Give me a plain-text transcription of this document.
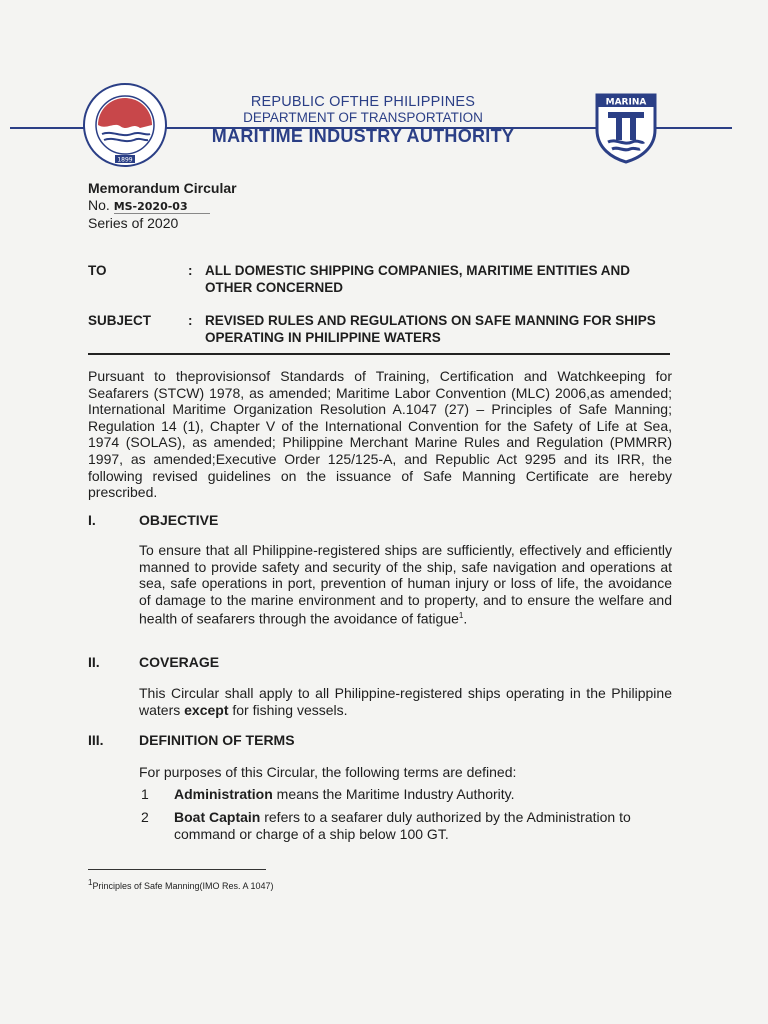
1899
REPUBLIC OFTHE PHILIPPINES
DEPARTMENT OF TRANSPORTATION
MARITIME INDUSTRY AUTHORITY
MARINA
Memorandum Circular
No. MS-2020-03
Series of 2020
TO	: ALL DOMESTIC SHIPPING COMPANIES, MARITIME ENTITIES AND OTHER CONCERNED
SUBJECT	: REVISED RULES AND REGULATIONS ON SAFE MANNING FOR SHIPS OPERATING IN PHILIPPINE WATERS
Pursuant to theprovisionsof Standards of Training, Certification and Watchkeeping for Seafarers (STCW) 1978, as amended; Maritime Labor Convention (MLC) 2006,as amended; International Maritime Organization Resolution A.1047 (27) – Principles of Safe Manning; Regulation 14 (1), Chapter V of the International Convention for the Safety of Life at Sea, 1974 (SOLAS), as amended; Philippine Merchant Marine Rules and Regulation (PMMRR) 1997, as amended;Executive Order 125/125-A, and Republic Act 9295 and its IRR, the following revised guidelines on the issuance of Safe Manning Certificate are hereby prescribed.
I.	OBJECTIVE
To ensure that all Philippine-registered ships are sufficiently, effectively and efficiently manned to provide safety and security of the ship, safe navigation and operations at sea, safe operations in port, prevention of human injury or loss of life, the avoidance of damage to the marine environment and to property, and to ensure the welfare and health of seafarers through the avoidance of fatigue$^1$.
II.	COVERAGE
This Circular shall apply to all Philippine-registered ships operating in the Philippine waters except for fishing vessels.
III.	DEFINITION OF TERMS
For purposes of this Circular, the following terms are defined:
1 Administration means the Maritime Industry Authority.
2 Boat Captain refers to a seafarer duly authorized by the Administration to command or charge of a ship below 100 GT.
$^1$Principles of Safe Manning(IMO Res. A 1047)
